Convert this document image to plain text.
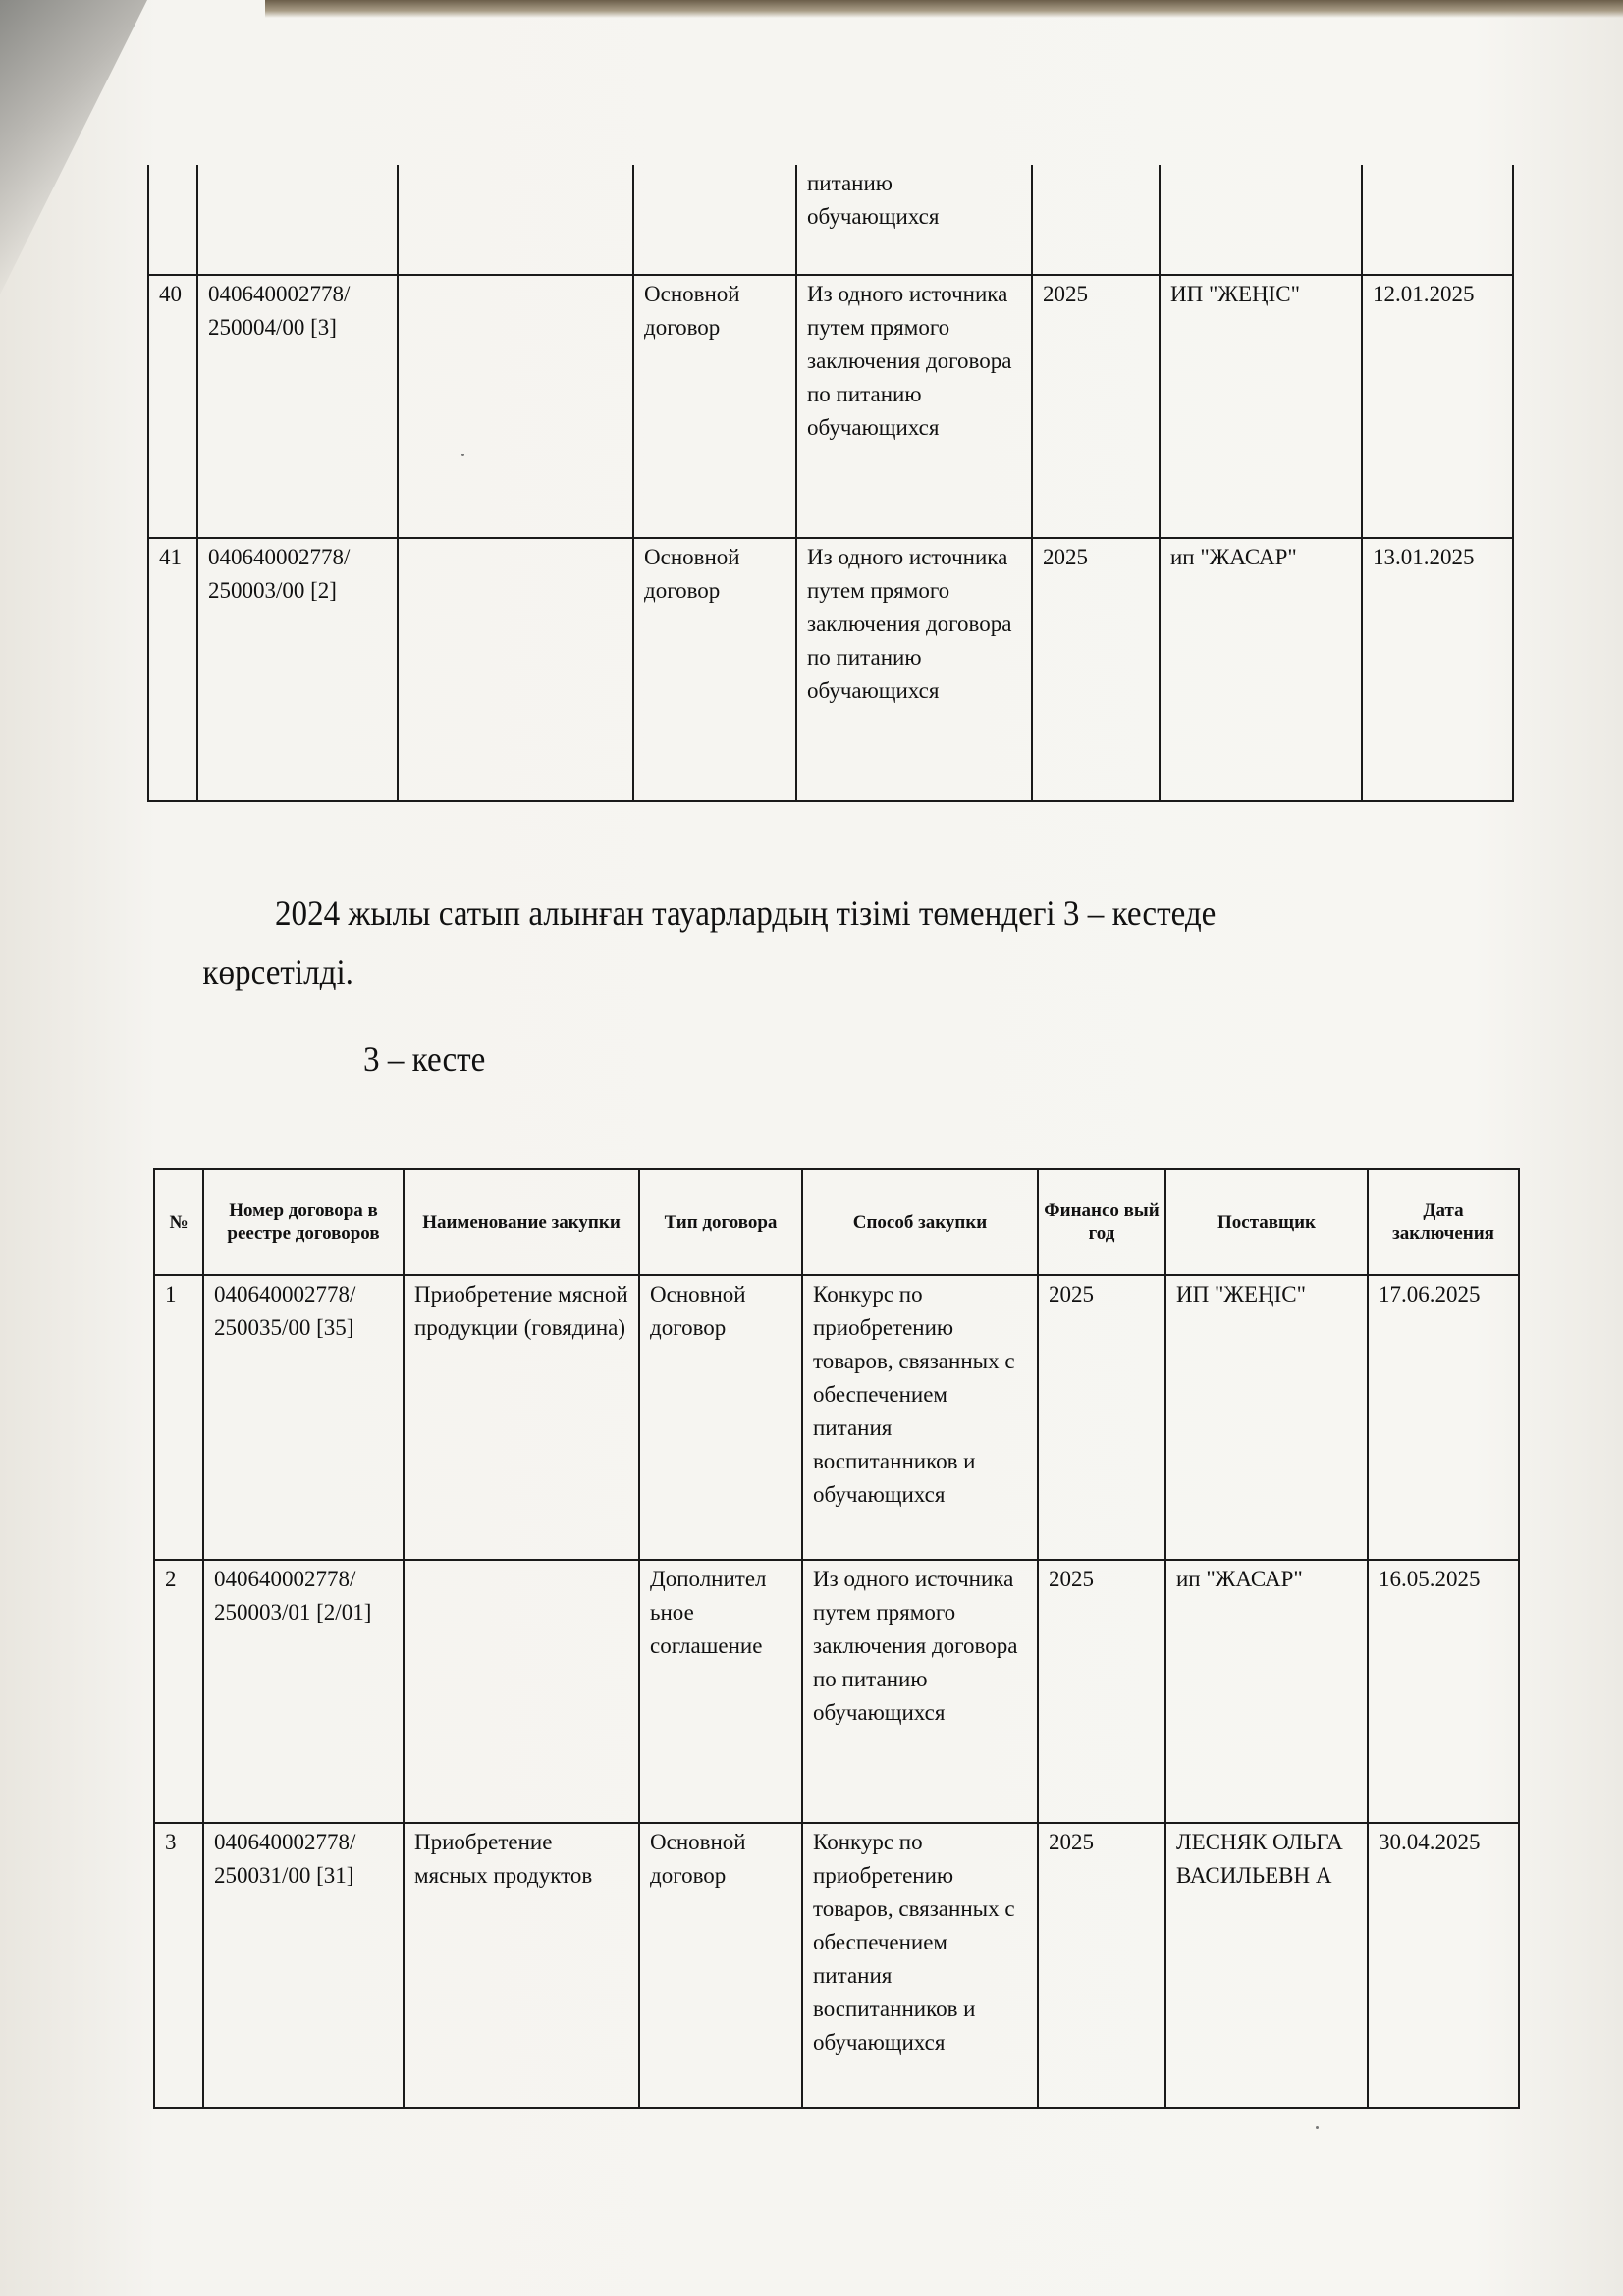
				питанию обучающихся			
40	040640002778/ 250004/00 [3]		Основной договор	Из одного источника путем прямого заключения договора по питанию обучающихся	2025	ИП "ЖЕҢІС"	12.01.2025
41	040640002778/ 250003/00 [2]		Основной договор	Из одного источника путем прямого заключения договора по питанию обучающихся	2025	ип "ЖАСАР"	13.01.2025
2024 жылы сатып алынған тауарлардың тізімі төмендегі 3 – кестеде
көрсетілді.
3 – кесте
№	Номер договора в реестре договоров	Наименование закупки	Тип договора	Способ закупки	Финансо вый год	Поставщик	Дата заключения
1	040640002778/ 250035/00 [35]	Приобретение мясной продукции (говядина)	Основной договор	Конкурс по приобретению товаров, связанных с обеспечением питания воспитанников и обучающихся	2025	ИП "ЖЕҢІС"	17.06.2025
2	040640002778/ 250003/01 [2/01]		Дополнител ьное соглашение	Из одного источника путем прямого заключения договора по питанию обучающихся	2025	ип "ЖАСАР"	16.05.2025
3	040640002778/ 250031/00 [31]	Приобретение мясных продуктов	Основной договор	Конкурс по приобретению товаров, связанных с обеспечением питания воспитанников и обучающихся	2025	ЛЕСНЯК ОЛЬГА ВАСИЛЬЕВН А	30.04.2025
